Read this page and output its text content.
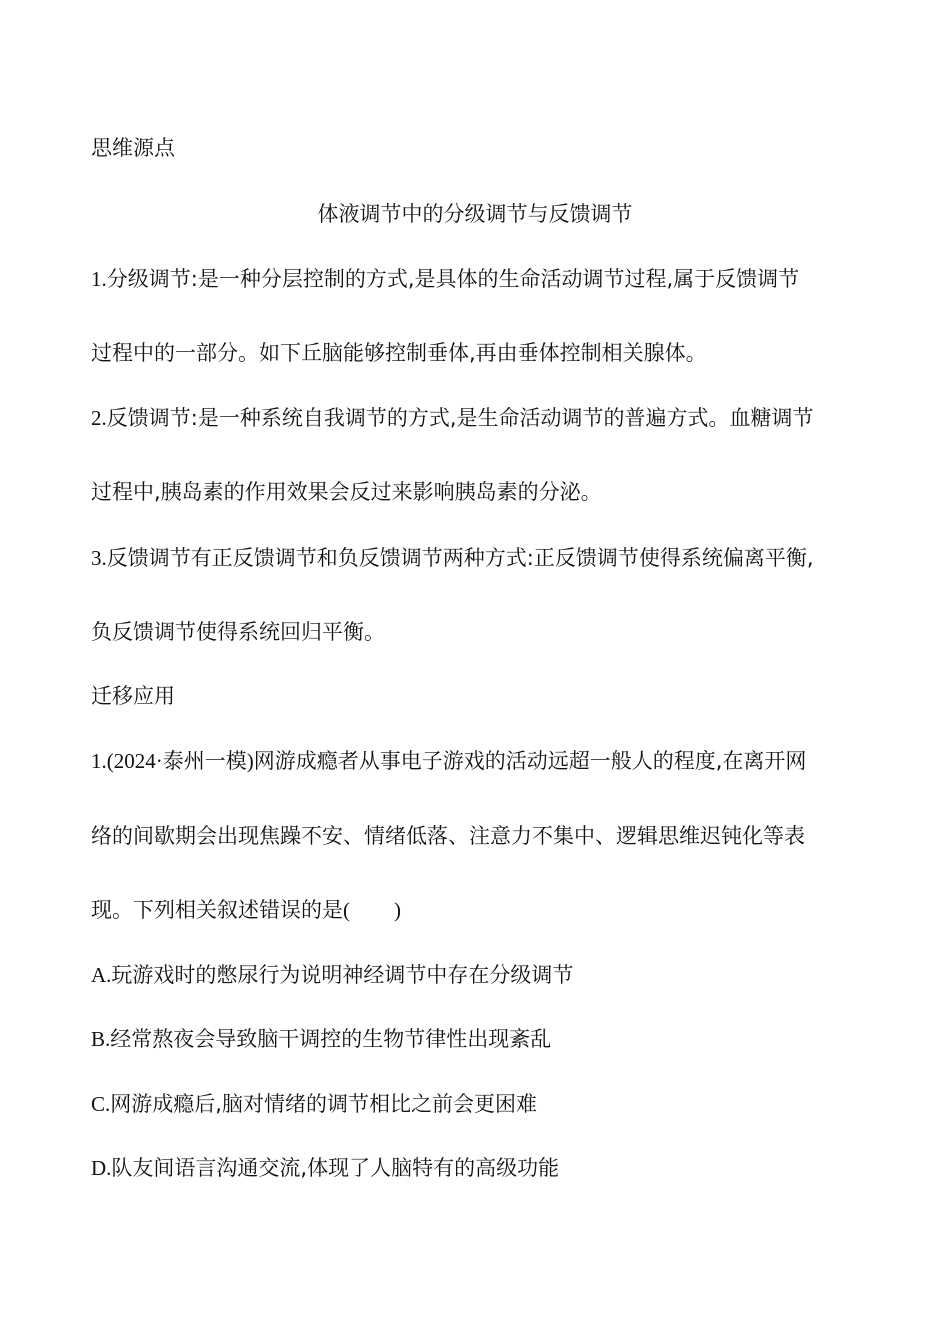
思维源点
体液调节中的分级调节与反馈调节
1.分级调节:是一种分层控制的方式,是具体的生命活动调节过程,属于反馈调节
过程中的一部分。如下丘脑能够控制垂体,再由垂体控制相关腺体。
2.反馈调节:是一种系统自我调节的方式,是生命活动调节的普遍方式。血糖调节
过程中,胰岛素的作用效果会反过来影响胰岛素的分泌。
3.反馈调节有正反馈调节和负反馈调节两种方式:正反馈调节使得系统偏离平衡,
负反馈调节使得系统回归平衡。
迁移应用
1.(2024·泰州一模)网游成瘾者从事电子游戏的活动远超一般人的程度,在离开网
络的间歇期会出现焦躁不安、情绪低落、注意力不集中、逻辑思维迟钝化等表
现。下列相关叙述错误的是( )
A.玩游戏时的憋尿行为说明神经调节中存在分级调节
B.经常熬夜会导致脑干调控的生物节律性出现紊乱
C.网游成瘾后,脑对情绪的调节相比之前会更困难
D.队友间语言沟通交流,体现了人脑特有的高级功能
